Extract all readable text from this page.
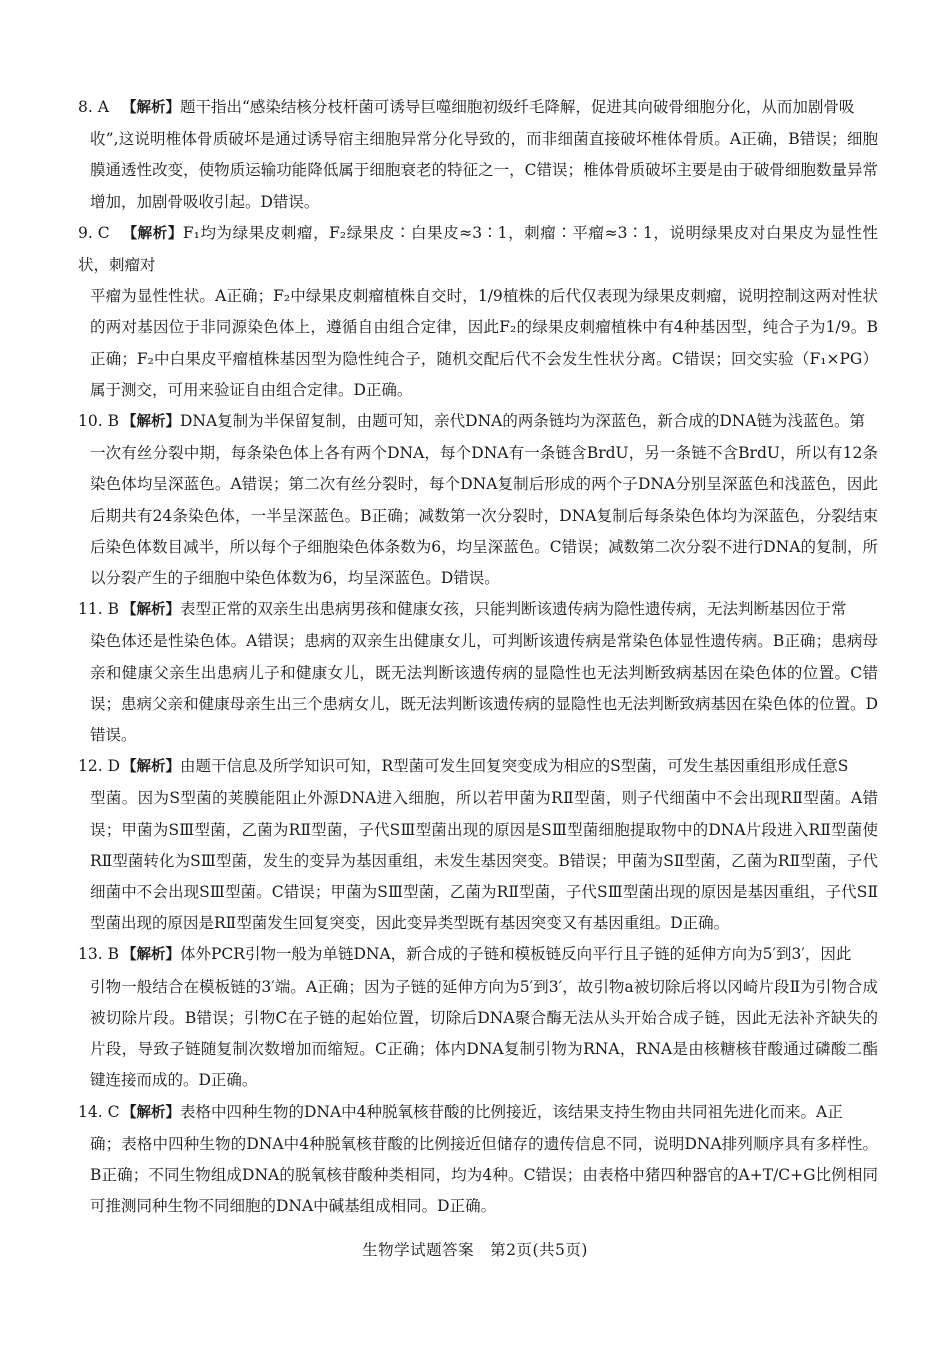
8. A 【解析】题干指出“感染结核分枝杆菌可诱导巨噬细胞初级纤毛降解，促进其向破骨细胞分化，从而加剧骨吸
收”,这说明椎体骨质破坏是通过诱导宿主细胞异常分化导致的，而非细菌直接破坏椎体骨质。A正确，B错误；细胞膜通透性改变，使物质运输功能降低属于细胞衰老的特征之一，C错误；椎体骨质破坏主要是由于破骨细胞数量异常增加，加剧骨吸收引起。D错误。

9. C 【解析】F₁均为绿果皮刺瘤，F₂绿果皮∶白果皮≈3∶1，刺瘤∶平瘤≈3∶1，说明绿果皮对白果皮为显性性状，刺瘤对
平瘤为显性性状。A正确；F₂中绿果皮刺瘤植株自交时，1/9植株的后代仅表现为绿果皮刺瘤，说明控制这两对性状的两对基因位于非同源染色体上，遵循自由组合定律，因此F₂的绿果皮刺瘤植株中有4种基因型，纯合子为1/9。B正确；F₂中白果皮平瘤植株基因型为隐性纯合子，随机交配后代不会发生性状分离。C错误；回交实验（F₁×PG）属于测交，可用来验证自由组合定律。D正确。

10. B 【解析】DNA复制为半保留复制，由题可知，亲代DNA的两条链均为深蓝色，新合成的DNA链为浅蓝色。第
一次有丝分裂中期，每条染色体上各有两个DNA，每个DNA有一条链含BrdU，另一条链不含BrdU，所以有12条染色体均呈深蓝色。A错误；第二次有丝分裂时，每个DNA复制后形成的两个子DNA分别呈深蓝色和浅蓝色，因此后期共有24条染色体，一半呈深蓝色。B正确；减数第一次分裂时，DNA复制后每条染色体均为深蓝色，分裂结束后染色体数目减半，所以每个子细胞染色体条数为6，均呈深蓝色。C错误；减数第二次分裂不进行DNA的复制，所以分裂产生的子细胞中染色体数为6，均呈深蓝色。D错误。

11. B 【解析】表型正常的双亲生出患病男孩和健康女孩，只能判断该遗传病为隐性遗传病，无法判断基因位于常
染色体还是性染色体。A错误；患病的双亲生出健康女儿，可判断该遗传病是常染色体显性遗传病。B正确；患病母亲和健康父亲生出患病儿子和健康女儿，既无法判断该遗传病的显隐性也无法判断致病基因在染色体的位置。C错误；患病父亲和健康母亲生出三个患病女儿，既无法判断该遗传病的显隐性也无法判断致病基因在染色体的位置。D错误。

12. D 【解析】由题干信息及所学知识可知，R型菌可发生回复突变成为相应的S型菌，可发生基因重组形成任意S
型菌。因为S型菌的荚膜能阻止外源DNA进入细胞，所以若甲菌为RⅡ型菌，则子代细菌中不会出现RⅡ型菌。A错误；甲菌为SⅢ型菌，乙菌为RⅡ型菌，子代SⅢ型菌出现的原因是SⅢ型菌细胞提取物中的DNA片段进入RⅡ型菌使RⅡ型菌转化为SⅢ型菌，发生的变异为基因重组，未发生基因突变。B错误；甲菌为SⅡ型菌，乙菌为RⅡ型菌，子代细菌中不会出现SⅢ型菌。C错误；甲菌为SⅢ型菌，乙菌为RⅡ型菌，子代SⅢ型菌出现的原因是基因重组，子代SⅡ型菌出现的原因是RⅡ型菌发生回复突变，因此变异类型既有基因突变又有基因重组。D正确。

13. B 【解析】体外PCR引物一般为单链DNA，新合成的子链和模板链反向平行且子链的延伸方向为5′到3′，因此
引物一般结合在模板链的3′端。A正确；因为子链的延伸方向为5′到3′，故引物a被切除后将以冈崎片段Ⅱ为引物合成被切除片段。B错误；引物C在子链的起始位置，切除后DNA聚合酶无法从头开始合成子链，因此无法补齐缺失的片段，导致子链随复制次数增加而缩短。C正确；体内DNA复制引物为RNA，RNA是由核糖核苷酸通过磷酸二酯键连接而成的。D正确。

14. C 【解析】表格中四种生物的DNA中4种脱氧核苷酸的比例接近，该结果支持生物由共同祖先进化而来。A正
确；表格中四种生物的DNA中4种脱氧核苷酸的比例接近但储存的遗传信息不同，说明DNA排列顺序具有多样性。B正确；不同生物组成DNA的脱氧核苷酸种类相同，均为4种。C错误；由表格中猪四种器官的A+T/C+G比例相同可推测同种生物不同细胞的DNA中碱基组成相同。D正确。

生物学试题答案　第2页(共5页)
